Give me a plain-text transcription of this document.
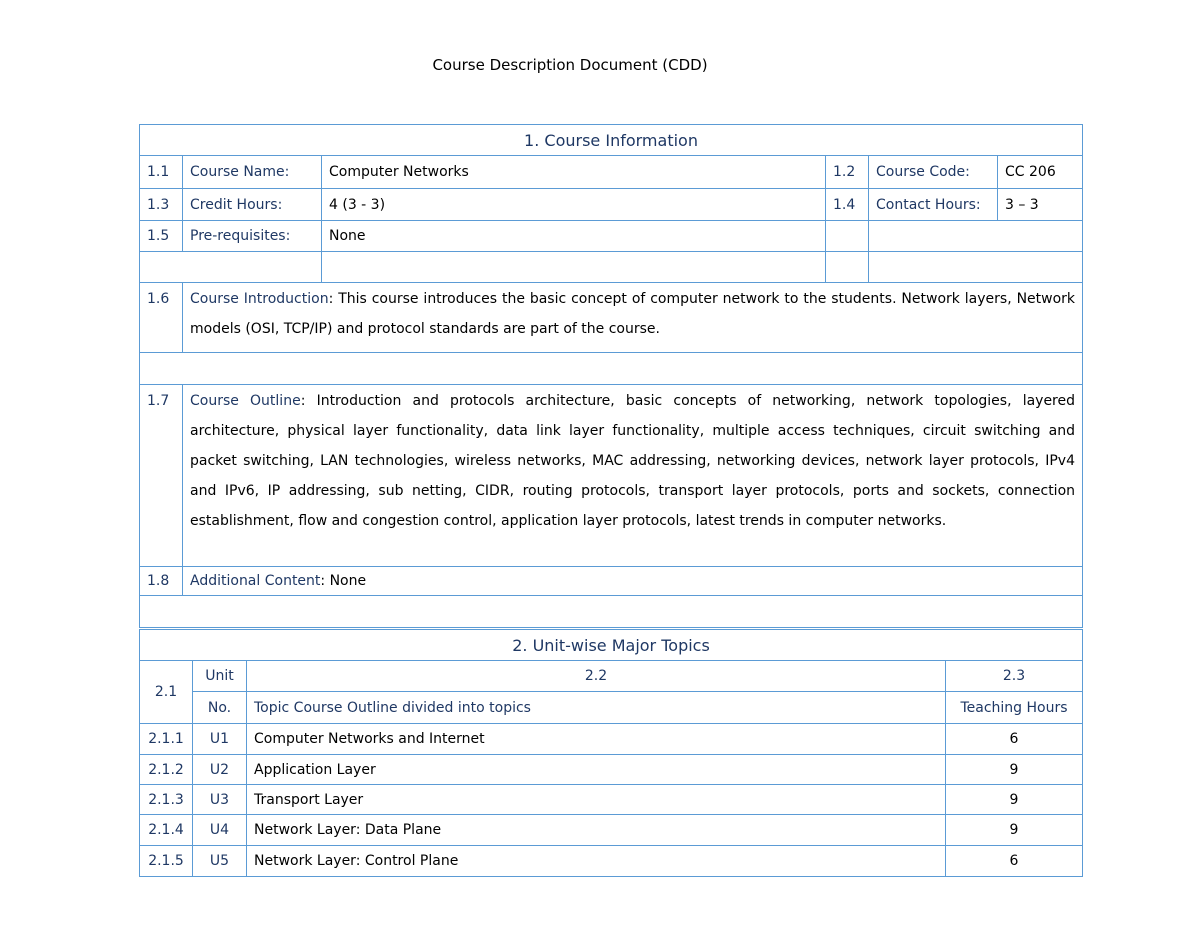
Course Description Document (CDD)
1. Course Information					
1.1	Course Name:	Computer Networks	1.2	Course Code:	CC 206
1.3	Credit Hours:	4 (3 - 3)	1.4	Contact Hours:	3 – 3
1.5	Pre-requisites:	None			

1.6	Course Introduction: This course introduces the basic concept of computer network to the students. Network layers, Network models (OSI, TCP/IP) and protocol standards are part of the course.				

1.7	Course Outline: Introduction and protocols architecture, basic concepts of networking, network topologies, layered architecture, physical layer functionality, data link layer functionality, multiple access techniques, circuit switching and packet switching, LAN technologies, wireless networks, MAC addressing, networking devices, network layer protocols, IPv4 and IPv6, IP addressing, sub netting, CIDR, routing protocols, transport layer protocols, ports and sockets, connection establishment, flow and congestion control, application layer protocols, latest trends in computer networks.				
1.8	Additional Content: None				

2. Unit-wise Major Topics			
2.1	Unit	2.2	2.3
	No.	Topic Course Outline divided into topics	Teaching Hours
2.1.1	U1	Computer Networks and Internet	6
2.1.2	U2	Application Layer	9
2.1.3	U3	Transport Layer	9
2.1.4	U4	Network Layer: Data Plane	9
2.1.5	U5	Network Layer: Control Plane	6
